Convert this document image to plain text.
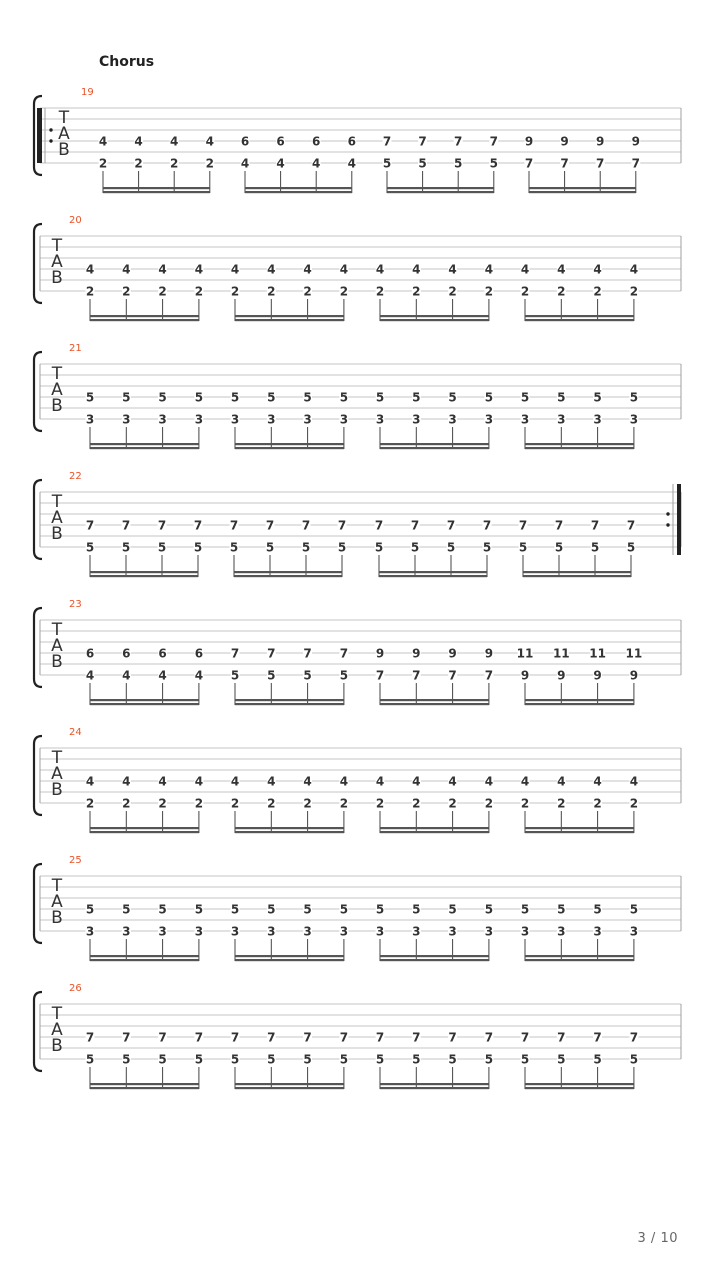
Chorus
19
T
A
B 4
2
4
2
4
2
4
2
6
4
6
4
6
4
6
4
7
5
7
5
7
5
7
5
9
7
9
7
9
7
9
7
20
T
A
B 4
2
4
2
4
2
4
2
4
2
4
2
4
2
4
2
4
2
4
2
4
2
4
2
4
2
4
2
4
2
4
2
21
T
A
B 5
3
5
3
5
3
5
3
5
3
5
3
5
3
5
3
5
3
5
3
5
3
5
3
5
3
5
3
5
3
5
3
22
T
A
B 7
5
7
5
7
5
7
5
7
5
7
5
7
5
7
5
7
5
7
5
7
5
7
5
7
5
7
5
7
5
7
5
23
T
A
B 6
4
6
4
6
4
6
4
7
5
7
5
7
5
7
5
9
7
9
7
9
7
9
7
11
9
11
9
11
9
11
9
24
T
A
B 4
2
4
2
4
2
4
2
4
2
4
2
4
2
4
2
4
2
4
2
4
2
4
2
4
2
4
2
4
2
4
2
25
T
A
B 5
3
5
3
5
3
5
3
5
3
5
3
5
3
5
3
5
3
5
3
5
3
5
3
5
3
5
3
5
3
5
3
26
T
A
B 7
5
7
5
7
5
7
5
7
5
7
5
7
5
7
5
7
5
7
5
7
5
7
5
7
5
7
5
7
5
7
5
3 / 10
